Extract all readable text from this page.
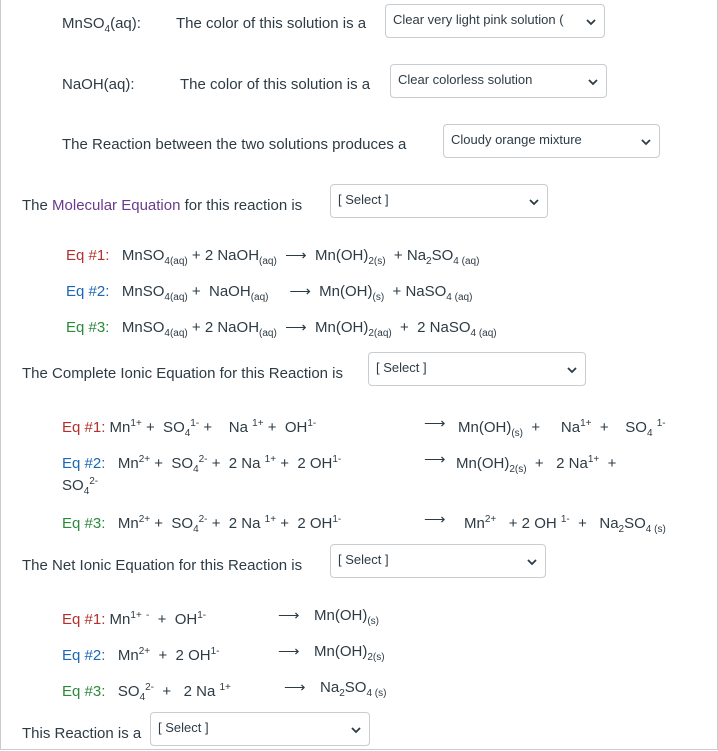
MnSO$_4$(aq): The color of this solution is a	Clear very light pink solution (
NaOH(aq):	The color of this solution is a	Clear colorless solution
The Reaction between the two solutions produces a	Cloudy orange mixture
The Molecular Equation for this reaction is	[ Select ]
Eq #1:   MnSO$_{4(aq)}$ + 2 NaOH$_{(aq)}$ ⟶  $Mn(OH)_{2(s)} + Na_2SO_{4 (aq)}$
Eq #2:   MnSO$_{4(aq)}$ +  NaOH$_{(aq)}$ ⟶  $Mn(OH)_{(s)}$  + NaSO$_{4 (aq)}$
Eq #3:   MnSO$_{4(aq)}$ + 2 NaOH$_{(aq)}$ ⟶  $Mn(OH)_{2(aq)} + 2$ NaSO$_{4 (aq)}$
The Complete Ionic Equation for this Reaction is	[ Select ]
Eq #1: $Mn^{1+} + SO_4^{1-}$ +    Na $^{1+} + OH^{1-}$	⟶ $Mn(OH)_{(s)}$  +     $Na^{1+}$  +    $SO_4$ $^{1-}$
Eq #2:   $Mn^{2+} + SO_4^{2-} + 2$ Na $^{1+}$ +  2 $OH^{1-}$	⟶ $Mn(OH)_{2(s)} + 2$ $Na^{1+}$  +
$SO_4^{2-}$
Eq #3:   $Mn^{2+} + SO_4^{2-} + 2$ Na $^{1+}$ +  2 $OH^{1-}$	⟶ $Mn^{2+} + 2$ OH $^{1-} + Na_2SO_{4 (s)}$
The Net Ionic Equation for this Reaction is	[ Select ]
Eq #1: $Mn^{1+}$ $^- + OH^{1-}$	⟶ $Mn(OH)_{(s)}$
Eq #2:   $Mn^{2+} + 2$ $OH^{1-}$	⟶ $Mn(OH)_{2(s)}$
Eq #3:   $SO_4^{2-} + 2$ Na $^{1+}$	⟶ $Na_2SO_{4 (s)}$
This Reaction is a	[ Select ]
